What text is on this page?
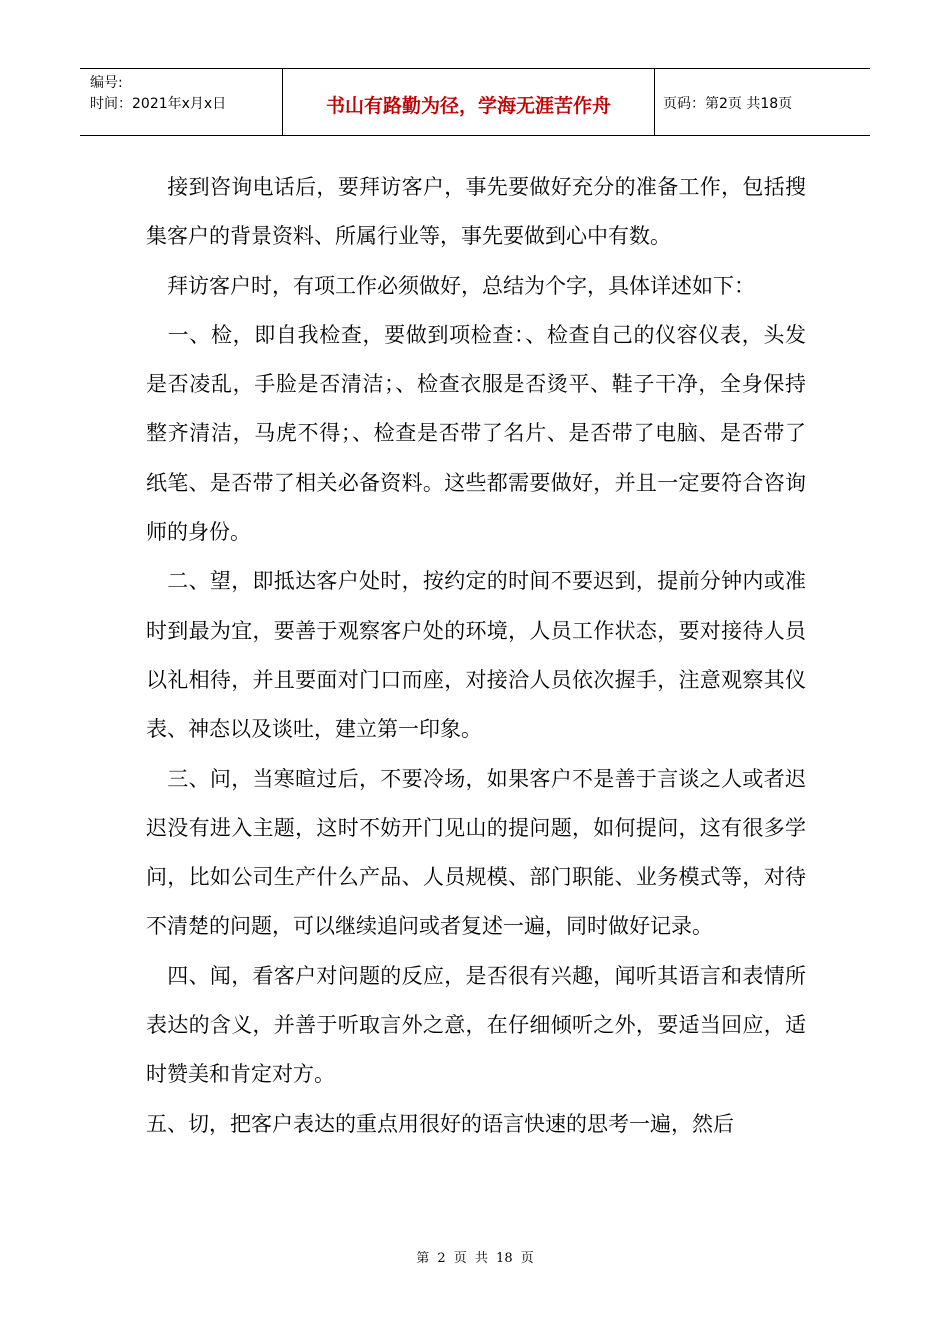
编号:
时间：2021年x月x日	书山有路勤为径，学海无涯苦作舟	页码：第2页 共18页

　接到咨询电话后，要拜访客户，事先要做好充分的准备工作，包括搜集客户的背景资料、所属行业等，事先要做到心中有数。

　拜访客户时，有项工作必须做好，总结为个字，具体详述如下：

　一、检，即自我检查，要做到项检查：、检查自己的仪容仪表，头发是否凌乱，手脸是否清洁；、检查衣服是否烫平、鞋子干净，全身保持整齐清洁，马虎不得；、检查是否带了名片、是否带了电脑、是否带了纸笔、是否带了相关必备资料。这些都需要做好，并且一定要符合咨询师的身份。

　二、望，即抵达客户处时，按约定的时间不要迟到，提前分钟内或准时到最为宜，要善于观察客户处的环境，人员工作状态，要对接待人员以礼相待，并且要面对门口而座，对接洽人员依次握手，注意观察其仪表、神态以及谈吐，建立第一印象。

　三、问，当寒暄过后，不要冷场，如果客户不是善于言谈之人或者迟迟没有进入主题，这时不妨开门见山的提问题，如何提问，这有很多学问，比如公司生产什么产品、人员规模、部门职能、业务模式等，对待不清楚的问题，可以继续追问或者复述一遍，同时做好记录。

　四、闻，看客户对问题的反应，是否很有兴趣，闻听其语言和表情所表达的含义，并善于听取言外之意，在仔细倾听之外，要适当回应，适时赞美和肯定对方。

五、切，把客户表达的重点用很好的语言快速的思考一遍，然后

第 2 页 共 18 页
